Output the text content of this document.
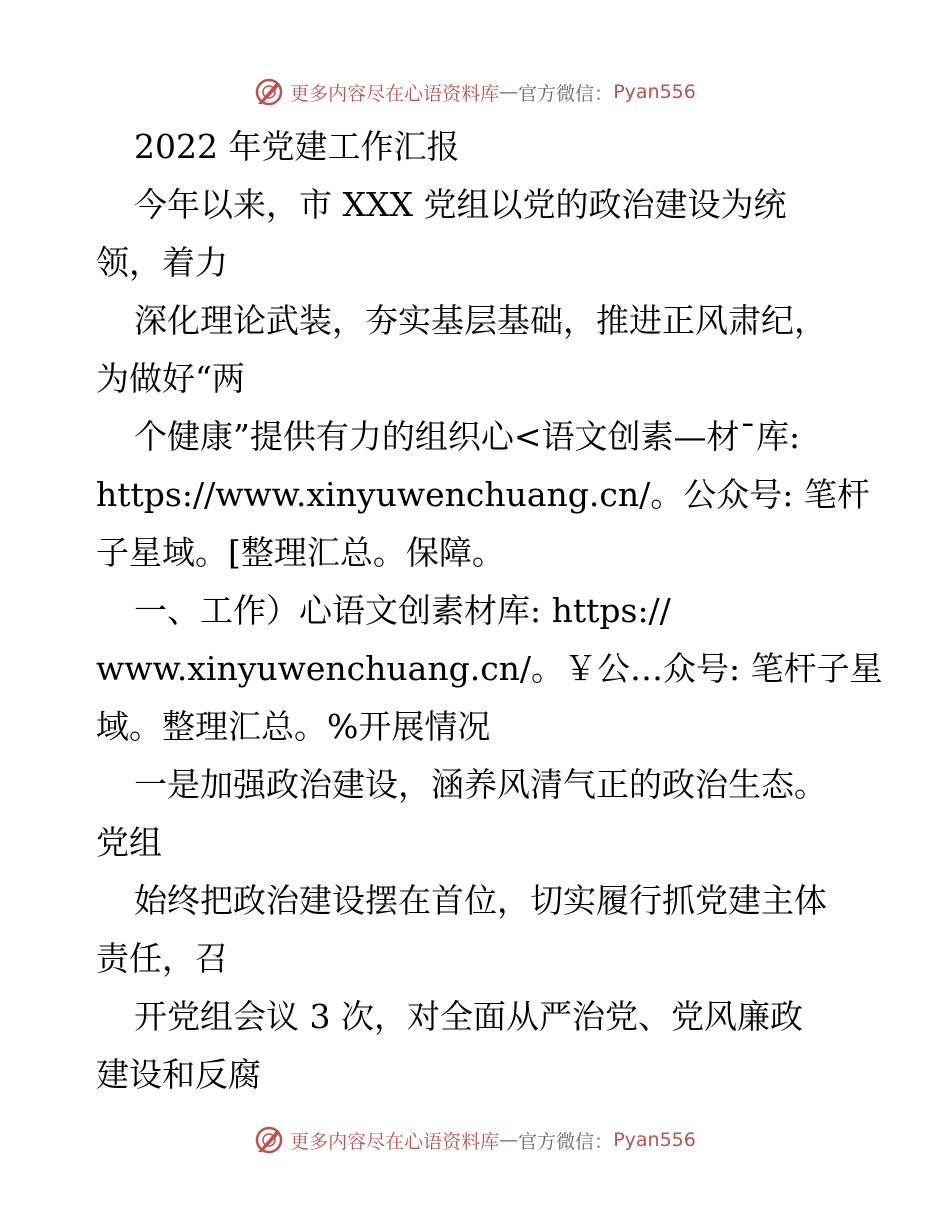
更多内容尽在心语资料库 — 官方微信： Pyan556
2022 年党建工作汇报
今年以来，市 XXX 党组以党的政治建设为统
领，着力
深化理论武装，夯实基层基础，推进正风肃纪，
为做好“两
个健康”提供有力的组织心<语文创素—材¯库:
https://www.xinyuwenchuang.cn/。公众号: 笔杆
子星域。[整理汇总。保障。
一、工作）心语文创素材库: https://
www.xinyuwenchuang.cn/。￥公…众号: 笔杆子星
域。整理汇总。%开展情况
一是加强政治建设，涵养风清气正的政治生态。
党组
始终把政治建设摆在首位，切实履行抓党建主体
责任，召
开党组会议 3 次，对全面从严治党、党风廉政
建设和反腐
更多内容尽在心语资料库 — 官方微信： Pyan556
